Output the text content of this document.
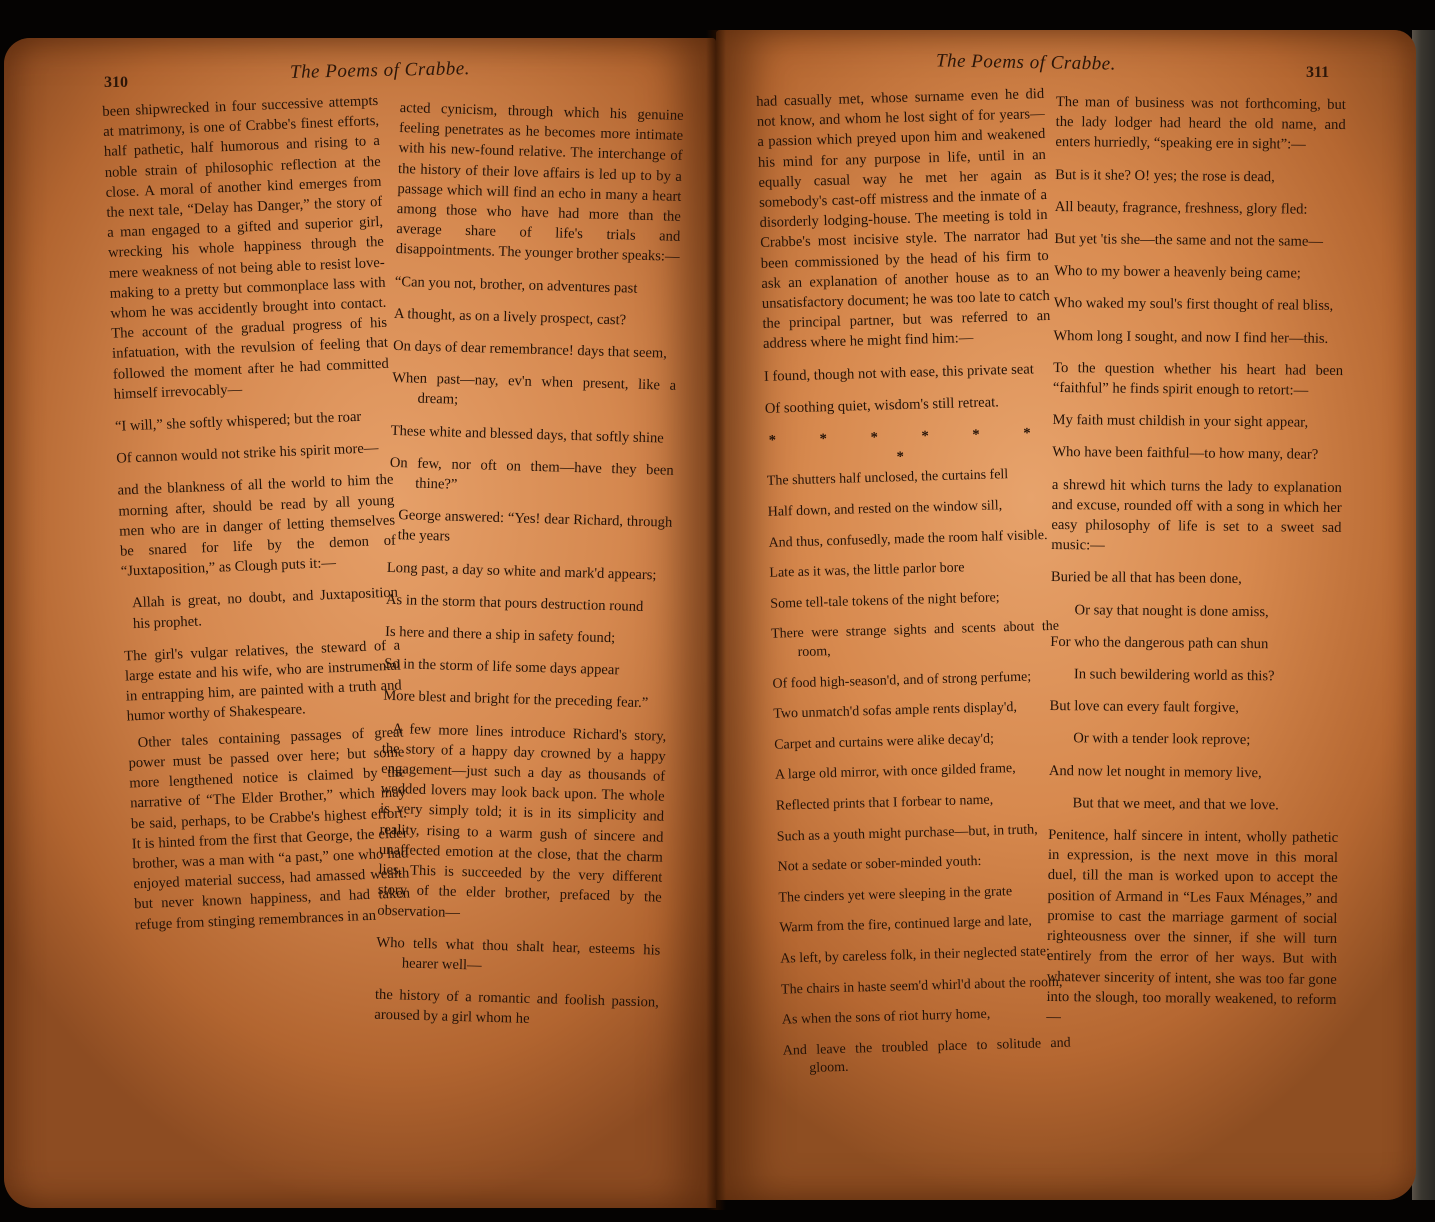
310	The Poems of Crabbe.	The Poems of Crabbe.	311

been shipwrecked in four successive attempts at matrimony, is one of Crabbe's finest efforts, half pathetic, half humorous and rising to a noble strain of philosophic reflection at the close. A moral of another kind emerges from the next tale, “Delay has Danger,” the story of a man engaged to a gifted and superior girl, wrecking his whole happiness through the mere weakness of not being able to resist love-making to a pretty but commonplace lass with whom he was accidently brought into contact. The account of the gradual progress of his infatuation, with the revulsion of feeling that followed the moment after he had committed himself irrevocably—

“I will,” she softly whispered; but the roar

Of cannon would not strike his spirit more—

and the blankness of all the world to him the morning after, should be read by all young men who are in danger of letting themselves be snared for life by the demon of “Juxtaposition,” as Clough puts it:—

Allah is great, no doubt, and Juxtaposition his prophet.

The girl's vulgar relatives, the steward of a large estate and his wife, who are instrumental in entrapping him, are painted with a truth and humor worthy of Shakespeare.

Other tales containing passages of great power must be passed over here; but some more lengthened notice is claimed by the narrative of “The Elder Brother,” which may be said, perhaps, to be Crabbe's highest effort. It is hinted from the first that George, the elder brother, was a man with “a past,” one who had enjoyed material success, had amassed wealth but never known happiness, and had taken refuge from stinging remembrances in an

acted cynicism, through which his genuine feeling penetrates as he becomes more intimate with his new-found relative. The interchange of the history of their love affairs is led up to by a passage which will find an echo in many a heart among those who have had more than the average share of life's trials and disappointments. The younger brother speaks:—

“Can you not, brother, on adventures past

A thought, as on a lively prospect, cast?

On days of dear remembrance! days that seem,

When past—nay, ev'n when present, like a dream;

These white and blessed days, that softly shine

On few, nor oft on them—have they been thine?”

George answered: “Yes! dear Richard, through the years

Long past, a day so white and mark'd appears;

As in the storm that pours destruction round

Is here and there a ship in safety found;

So in the storm of life some days appear

More blest and bright for the preceding fear.”

A few more lines introduce Richard's story, the story of a happy day crowned by a happy engagement—just such a day as thousands of wedded lovers may look back upon. The whole is very simply told; it is in its simplicity and reality, rising to a warm gush of sincere and unaffected emotion at the close, that the charm lies. This is succeeded by the very different story of the elder brother, prefaced by the observation—

Who tells what thou shalt hear, esteems his hearer well—

the history of a romantic and foolish passion, aroused by a girl whom he

had casually met, whose surname even he did not know, and whom he lost sight of for years—a passion which preyed upon him and weakened his mind for any purpose in life, until in an equally casual way he met her again as somebody's cast-off mistress and the inmate of a disorderly lodging-house. The meeting is told in Crabbe's most incisive style. The narrator had been commissioned by the head of his firm to ask an explanation of another house as to an unsatisfactory document; he was too late to catch the principal partner, but was referred to an address where he might find him:—

I found, though not with ease, this private seat

Of soothing quiet, wisdom's still retreat.

* * * * * * *

The shutters half unclosed, the curtains fell

Half down, and rested on the window sill,

And thus, confusedly, made the room half visible.

Late as it was, the little parlor bore

Some tell-tale tokens of the night before;

There were strange sights and scents about the room,

Of food high-season'd, and of strong perfume;

Two unmatch'd sofas ample rents display'd,

Carpet and curtains were alike decay'd;

A large old mirror, with once gilded frame,

Reflected prints that I forbear to name,

Such as a youth might purchase—but, in truth,

Not a sedate or sober-minded youth:

The cinders yet were sleeping in the grate

Warm from the fire, continued large and late,

As left, by careless folk, in their neglected state;

The chairs in haste seem'd whirl'd about the room,

As when the sons of riot hurry home,

And leave the troubled place to solitude and gloom.

The man of business was not forthcoming, but the lady lodger had heard the old name, and enters hurriedly, “speaking ere in sight”:—

But is it she? O! yes; the rose is dead,

All beauty, fragrance, freshness, glory fled:

But yet 'tis she—the same and not the same—

Who to my bower a heavenly being came;

Who waked my soul's first thought of real bliss,

Whom long I sought, and now I find her—this.

To the question whether his heart had been “faithful” he finds spirit enough to retort:—

My faith must childish in your sight appear,

Who have been faithful—to how many, dear?

a shrewd hit which turns the lady to explanation and excuse, rounded off with a song in which her easy philosophy of life is set to a sweet sad music:—

Buried be all that has been done,

Or say that nought is done amiss,

For who the dangerous path can shun

In such bewildering world as this?

But love can every fault forgive,

Or with a tender look reprove;

And now let nought in memory live,

But that we meet, and that we love.

Penitence, half sincere in intent, wholly pathetic in expression, is the next move in this moral duel, till the man is worked upon to accept the position of Armand in “Les Faux Ménages,” and promise to cast the marriage garment of social righteousness over the sinner, if she will turn entirely from the error of her ways. But with whatever sincerity of intent, she was too far gone into the slough, too morally weakened, to reform—
